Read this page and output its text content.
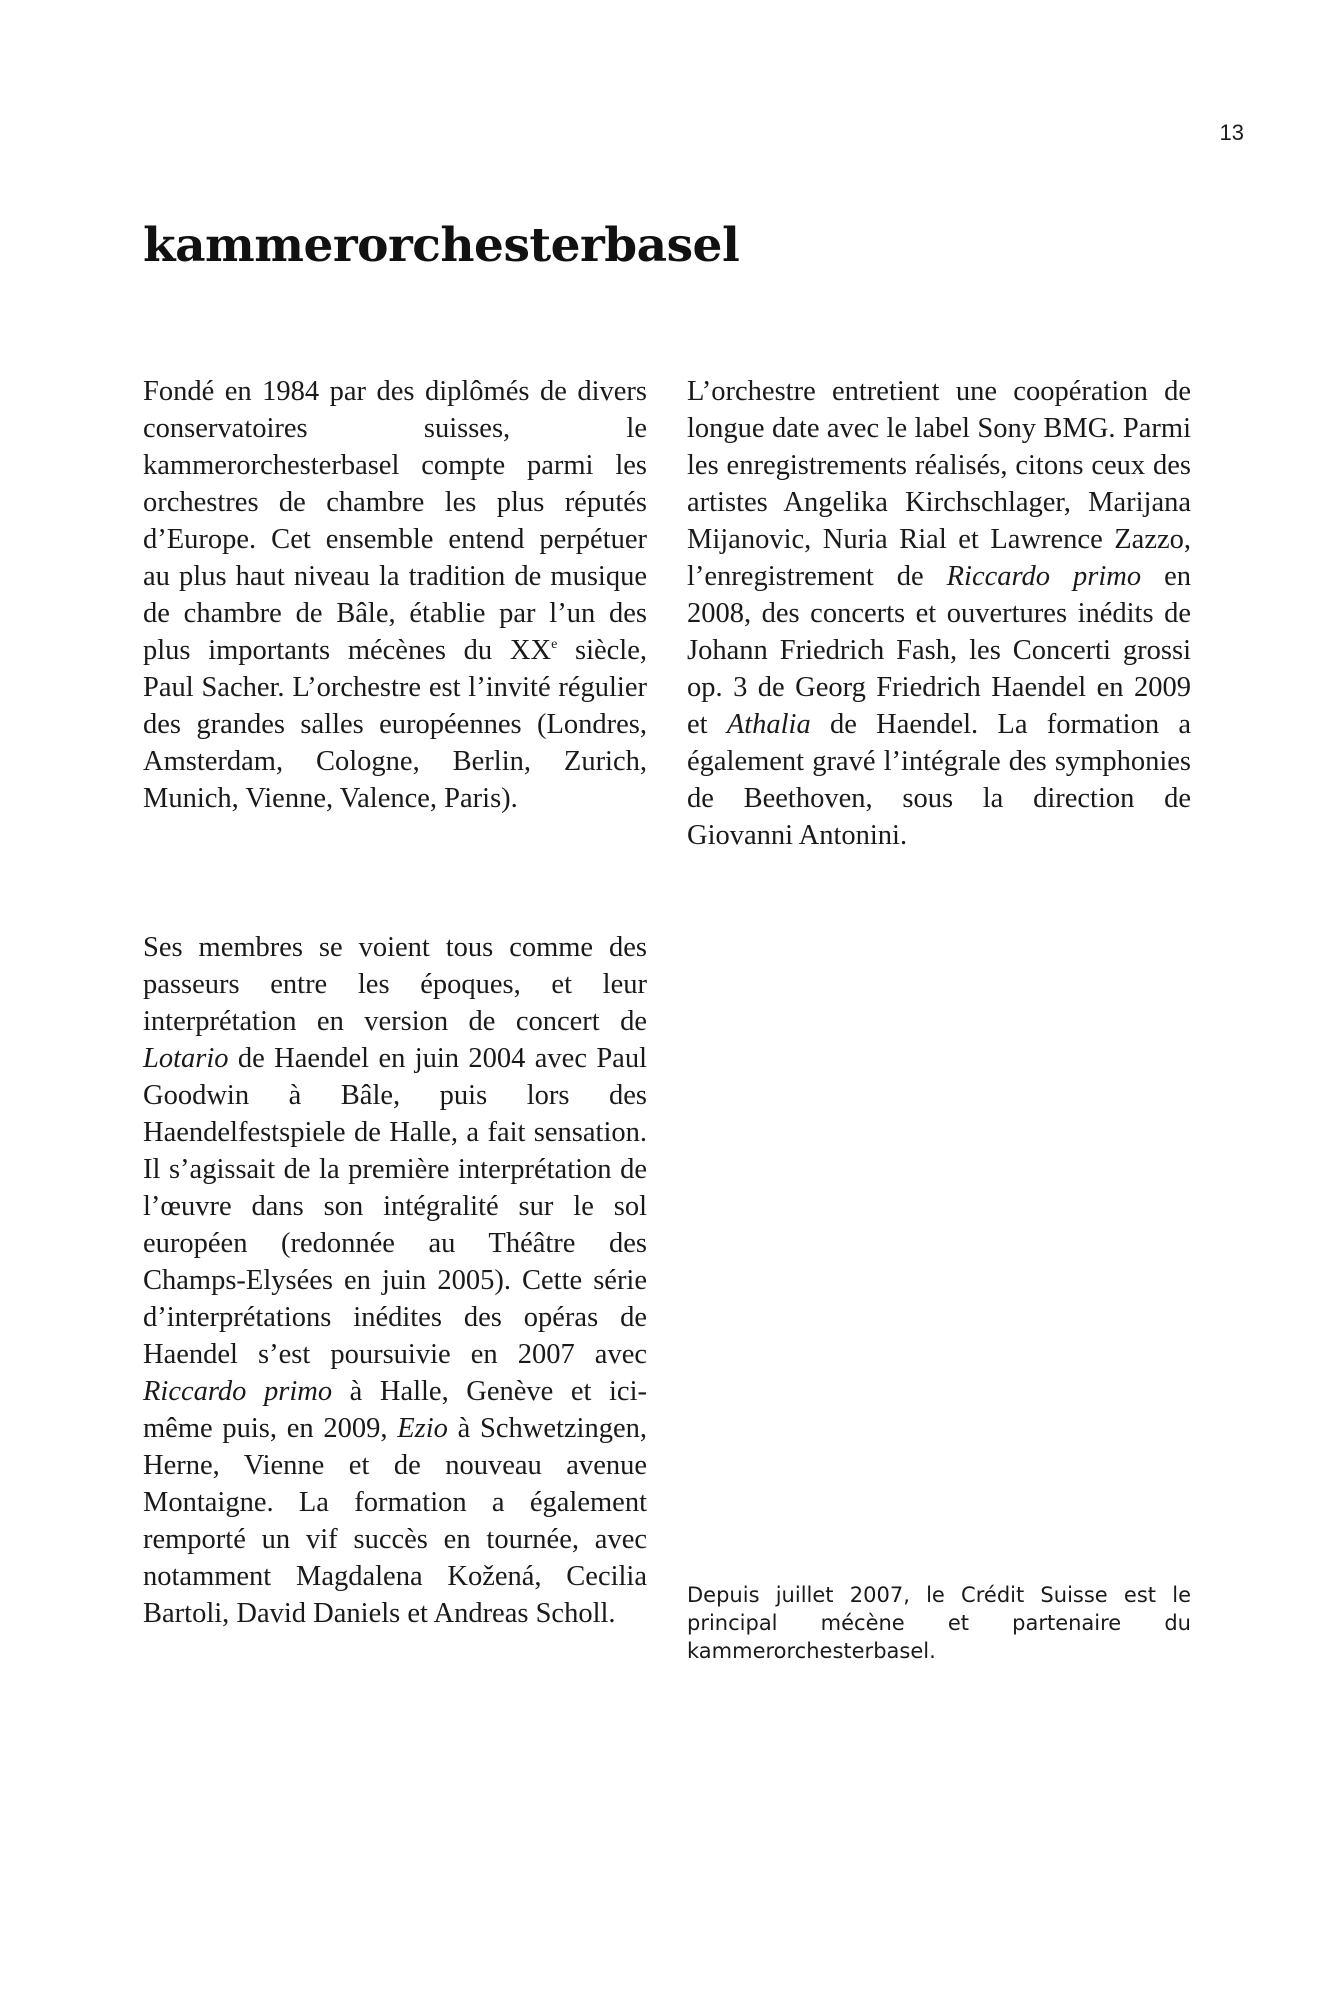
13
kammerorchesterbasel

Fondé en 1984 par des diplômés de divers conservatoires suisses, le kammerorchesterbasel compte parmi les orchestres de chambre les plus réputés d’Europe. Cet ensemble entend perpétuer au plus haut niveau la tradition de musique de chambre de Bâle, établie par l’un des plus importants mécènes du XXe siècle, Paul Sacher. L’orchestre est l’invité régulier des grandes salles européennes (Londres, Amsterdam, Cologne, Berlin, Zurich, Munich, Vienne, Valence, Paris).

Ses membres se voient tous comme des passeurs entre les époques, et leur interprétation en version de concert de Lotario de Haendel en juin 2004 avec Paul Goodwin à Bâle, puis lors des Haendelfestspiele de Halle, a fait sensation. Il s’agissait de la première interprétation de l’œuvre dans son intégralité sur le sol européen (redonnée au Théâtre des Champs-Elysées en juin 2005). Cette série d’interprétations inédites des opéras de Haendel s’est poursuivie en 2007 avec Riccardo primo à Halle, Genève et ici-même puis, en 2009, Ezio à Schwetzingen, Herne, Vienne et de nouveau avenue Montaigne. La formation a également remporté un vif succès en tournée, avec notamment Magdalena Kožená, Cecilia Bartoli, David Daniels et Andreas Scholl.

L’orchestre entretient une coopération de longue date avec le label Sony BMG. Parmi les enregistrements réalisés, citons ceux des artistes Angelika Kirchschlager, Marijana Mijanovic, Nuria Rial et Lawrence Zazzo, l’enregistrement de Riccardo primo en 2008, des concerts et ouvertures inédits de Johann Friedrich Fash, les Concerti grossi op. 3 de Georg Friedrich Haendel en 2009 et Athalia de Haendel. La formation a également gravé l’intégrale des symphonies de Beethoven, sous la direction de Giovanni Antonini.

Depuis juillet 2007, le Crédit Suisse est le principal mécène et partenaire du kammerorchesterbasel.
